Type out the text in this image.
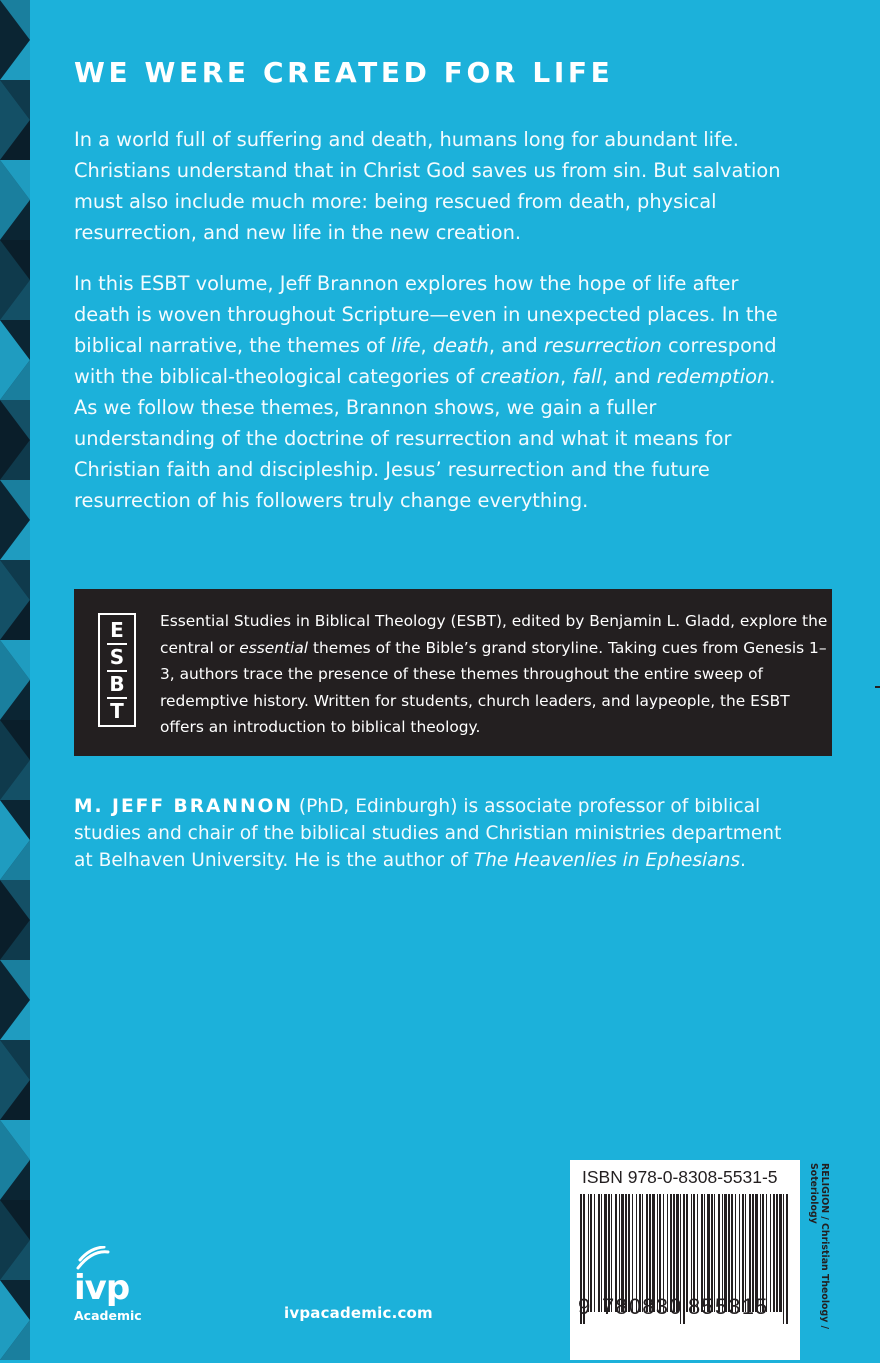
WE WERE CREATED FOR LIFE

In a world full of suffering and death, humans long for abundant life. Christians understand that in Christ God saves us from sin. But salvation must also include much more: being rescued from death, physical resurrection, and new life in the new creation.

In this ESBT volume, Jeff Brannon explores how the hope of life after death is woven throughout Scripture—even in unexpected places. In the biblical narrative, the themes of life, death, and resurrection correspond with the biblical-theological categories of creation, fall, and redemption. As we follow these themes, Brannon shows, we gain a fuller understanding of the doctrine of resurrection and what it means for Christian faith and discipleship. Jesus’ resurrection and the future resurrection of his followers truly change everything.

E
S
B
T

Essential Studies in Biblical Theology (ESBT), edited by Benjamin L. Gladd, explore the central or essential themes of the Bible’s grand storyline. Taking cues from Genesis 1–3, authors trace the presence of these themes throughout the entire sweep of redemptive history. Written for students, church leaders, and laypeople, the ESBT offers an introduction to biblical theology.

M. JEFF BRANNON (PhD, Edinburgh) is associate professor of biblical studies and chair of the biblical studies and Christian ministries department at Belhaven University. He is the author of The Heavenlies in Ephesians.

ivp
Academic	ivpacademic.com
ISBN 978-0-8308-5531-5
9 780830 855315	RELIGION / Christian Theology /
Soteriology
